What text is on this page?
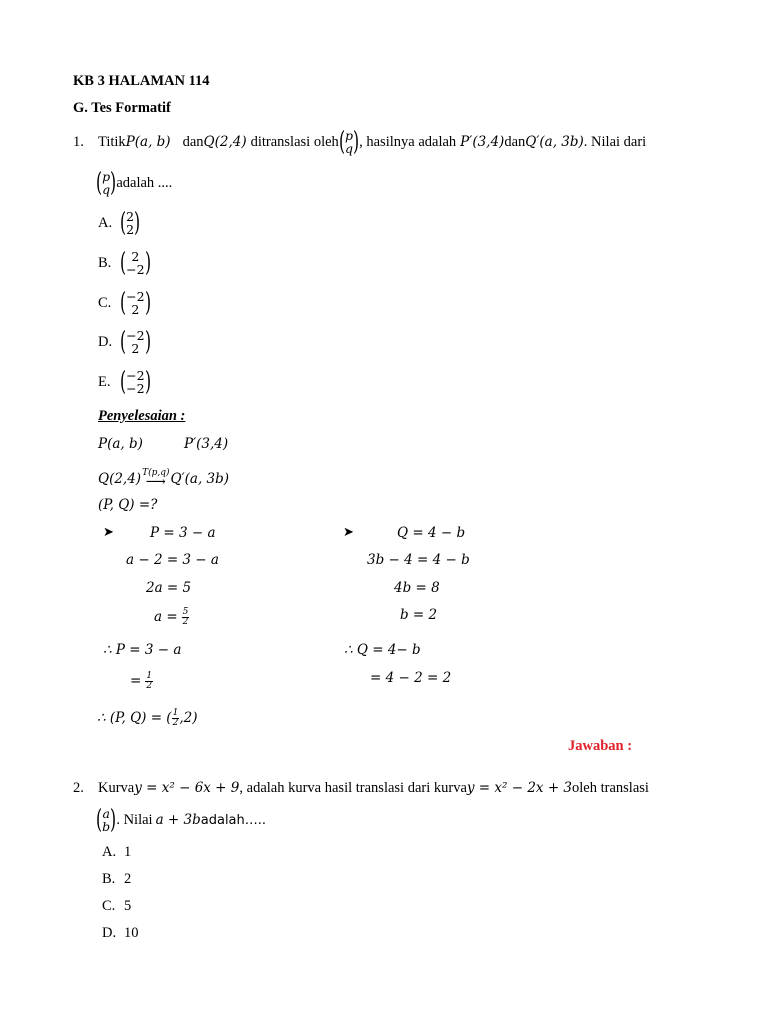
KB 3 HALAMAN 114
G. Tes Formatif
1. Titik P(a, b) dan Q(2,4) ditranslasi oleh ( p
q ) , hasilnya adalah P′(3,4) dan Q′(a, 3b) . Nilai dari
( p
q ) adalah ....
A. ( 2
2 )
B. ( 2
−2 )
C. ( −2
2 )
D. ( −2
2 )
E. ( −2
−2 )
Penyelesaian :
P(a, b)	P′(3,4)
Q(2,4) T(p,q)
⟶ Q′(a, 3b)
(P, Q) =?
➤	P = 3 − a
a − 2 = 3 − a
2a = 5
$a = \frac{5}{2}$
➤	Q = 4 − b
3b − 4 = 4 − b
4b = 8
b = 2
∴ P = 3 − a
= $\frac{1}{2}$
∴ Q = 4− b
= 4 − 2 = 2
∴ (P, Q) = ( $\frac{1}{2} ,2$)
Jawaban :
2. Kurva y = x² − 6x + 9 , adalah kurva hasil translasi dari kurva y = x² − 2x + 3 oleh translasi
( a
b ) . Nilai a + 3b adalah…..
A. 1
B. 2
C. 5
D. 10
